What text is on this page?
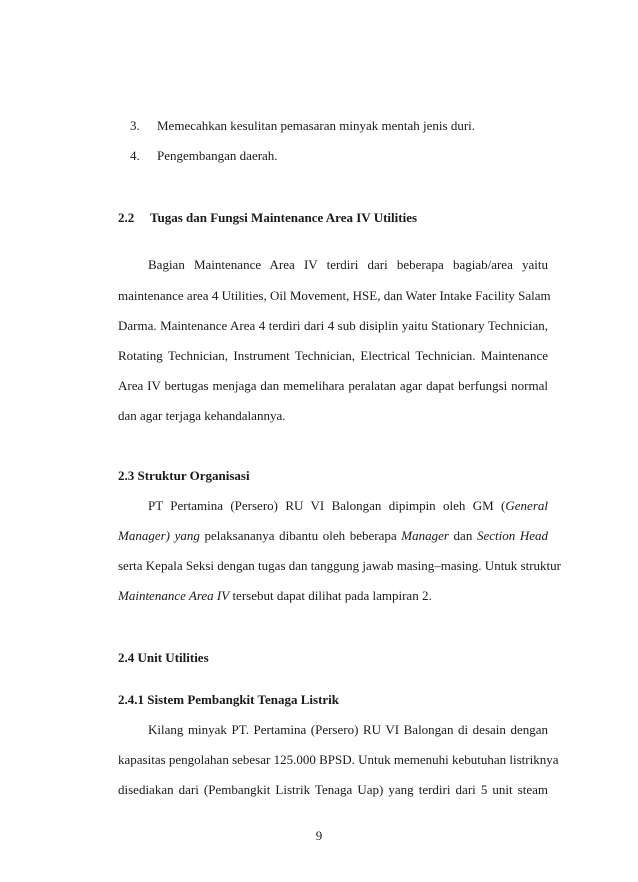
3. Memecahkan kesulitan pemasaran minyak mentah jenis duri.
4. Pengembangan daerah.
2.2 Tugas dan Fungsi Maintenance Area IV Utilities
Bagian Maintenance Area IV terdiri dari beberapa bagiab/area yaitu
maintenance area 4 Utilities, Oil Movement, HSE, dan Water Intake Facility Salam
Darma. Maintenance Area 4 terdiri dari 4 sub disiplin yaitu Stationary Technician,
Rotating Technician, Instrument Technician, Electrical Technician. Maintenance
Area IV bertugas menjaga dan memelihara peralatan agar dapat berfungsi normal
dan agar terjaga kehandalannya.
2.3 Struktur Organisasi
PT Pertamina (Persero) RU VI Balongan dipimpin oleh GM (General
Manager) yang pelaksananya dibantu oleh beberapa Manager dan Section Head
serta Kepala Seksi dengan tugas dan tanggung jawab masing–masing. Untuk struktur
Maintenance Area IV tersebut dapat dilihat pada lampiran 2.
2.4 Unit Utilities
2.4.1 Sistem Pembangkit Tenaga Listrik
Kilang minyak PT. Pertamina (Persero) RU VI Balongan di desain dengan
kapasitas pengolahan sebesar 125.000 BPSD. Untuk memenuhi kebutuhan listriknya
disediakan dari (Pembangkit Listrik Tenaga Uap) yang terdiri dari 5 unit steam
9
